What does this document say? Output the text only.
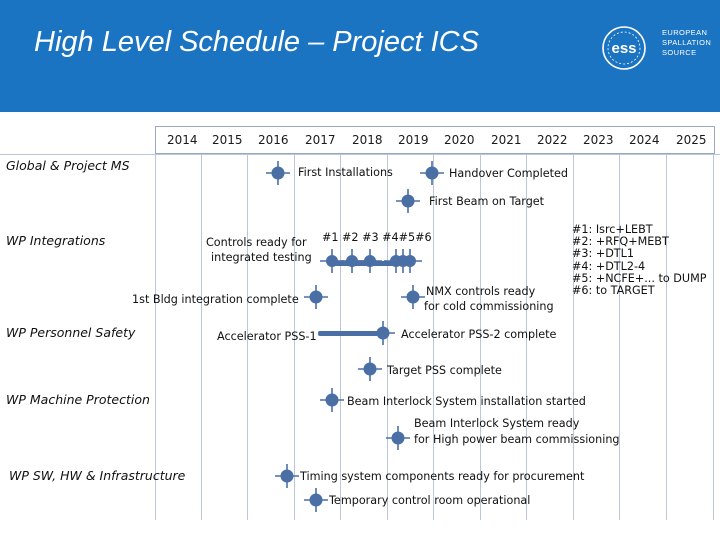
High Level Schedule – Project ICS	ess
EUROPEAN
SPALLATION
SOURCE
2014 2015 2016 2017 2018 2019 2020 2021 2022 2023 2024 2025
Global & Project MS
WP Integrations
WP Personnel Safety
WP Machine Protection
WP SW, HW & Infrastructure
First Installations	Handover Completed
First Beam on Target
Controls ready for
integrated testing
#1 #2 #3 #4#5#6
NMX controls ready
for cold commissioning
1st Bldg integration complete
Accelerator PSS-1	Accelerator PSS-2 complete
Target PSS complete
Beam Interlock System installation started
Beam Interlock System ready
for High power beam commissioning
Timing system components ready for procurement
Temporary control room operational
#1: Isrc+LEBT
#2: +RFQ+MEBT
#3: +DTL1
#4: +DTL2-4
#5: +NCFE+... to DUMP
#6: to TARGET
